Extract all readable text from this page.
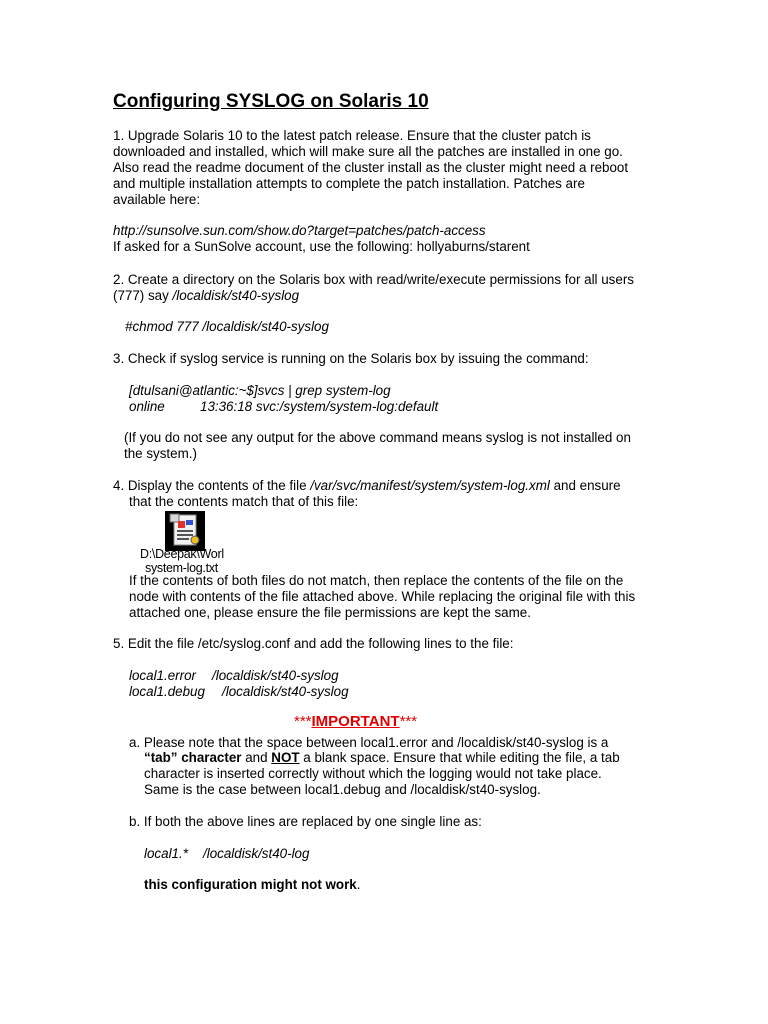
Configuring SYSLOG on Solaris 10
1. Upgrade Solaris 10 to the latest patch release. Ensure that the cluster patch is
downloaded and installed, which will make sure all the patches are installed in one go.
Also read the readme document of the cluster install as the cluster might need a reboot
and multiple installation attempts to complete the patch installation. Patches are
available here:
http://sunsolve.sun.com/show.do?target=patches/patch-access
If asked for a SunSolve account, use the following: hollyaburns/starent
2. Create a directory on the Solaris box with read/write/execute permissions for all users
(777) say /localdisk/st40-syslog
#chmod 777 /localdisk/st40-syslog
3. Check if syslog service is running on the Solaris box by issuing the command:
[dtulsani@atlantic:~$]svcs | grep system-log
online	13:36:18 svc:/system/system-log:default
(If you do not see any output for the above command means syslog is not installed on
the system.)
4. Display the contents of the file /var/svc/manifest/system/system-log.xml and ensure
that the contents match that of this file:
D:\Deepak\Worl
system-log.txt
If the contents of both files do not match, then replace the contents of the file on the
node with contents of the file attached above. While replacing the original file with this
attached one, please ensure the file permissions are kept the same.
5. Edit the file /etc/syslog.conf and add the following lines to the file:
local1.error /localdisk/st40-syslog
local1.debug /localdisk/st40-syslog
***IMPORTANT***
a. Please note that the space between local1.error and /localdisk/st40-syslog is a
“tab” character and NOT a blank space. Ensure that while editing the file, a tab
character is inserted correctly without which the logging would not take place.
Same is the case between local1.debug and /localdisk/st40-syslog.
b. If both the above lines are replaced by one single line as:
local1.* /localdisk/st40-log
this configuration might not work.
